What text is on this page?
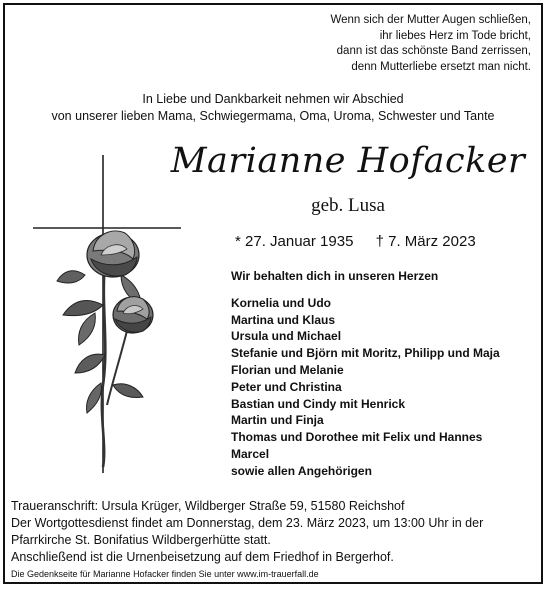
Wenn sich der Mutter Augen schließen,
ihr liebes Herz im Tode bricht,
dann ist das schönste Band zerrissen,
denn Mutterliebe ersetzt man nicht.
In Liebe und Dankbarkeit nehmen wir Abschied
von unserer lieben Mama, Schwiegermama, Oma, Uroma, Schwester und Tante
Marianne Hofacker
geb. Lusa
* 27. Januar 1935 † 7. März 2023
Wir behalten dich in unseren Herzen
Kornelia und Udo
Martina und Klaus
Ursula und Michael
Stefanie und Björn mit Moritz, Philipp und Maja
Florian und Melanie
Peter und Christina
Bastian und Cindy mit Henrick
Martin und Finja
Thomas und Dorothee mit Felix und Hannes
Marcel
sowie allen Angehörigen
Traueranschrift: Ursula Krüger, Wildberger Straße 59, 51580 Reichshof
Der Wortgottesdienst findet am Donnerstag, dem 23. März 2023, um 13:00 Uhr in der
Pfarrkirche St. Bonifatius Wildbergerhütte statt.
Anschließend ist die Urnenbeisetzung auf dem Friedhof in Bergerhof.
Die Gedenkseite für Marianne Hofacker finden Sie unter www.im-trauerfall.de
